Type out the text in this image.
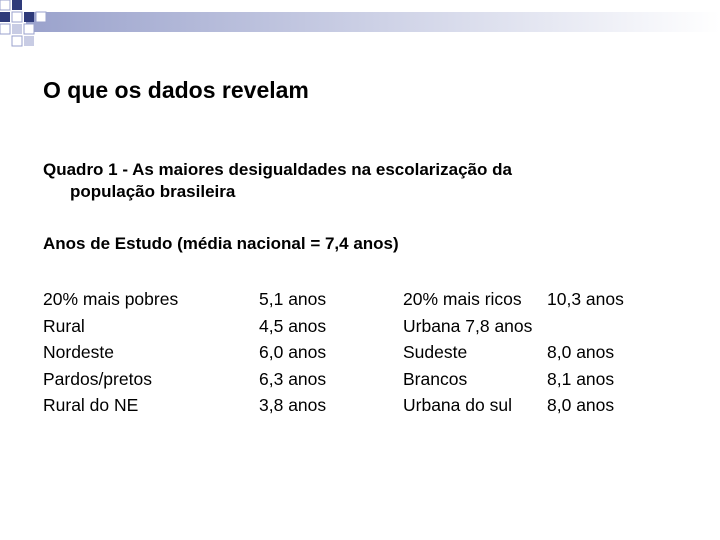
O que os dados revelam

Quadro 1 - As maiores desigualdades na escolarização da
população brasileira

Anos de Estudo (média nacional = 7,4 anos)

20% mais pobres
Rural
Nordeste
Pardos/pretos
Rural do NE
5,1 anos
4,5 anos
6,0 anos
6,3 anos
3,8 anos
20% mais ricos
Urbana 7,8 anos
Sudeste
Brancos
Urbana do sul
10,3 anos
8,0 anos
8,1 anos
8,0 anos
